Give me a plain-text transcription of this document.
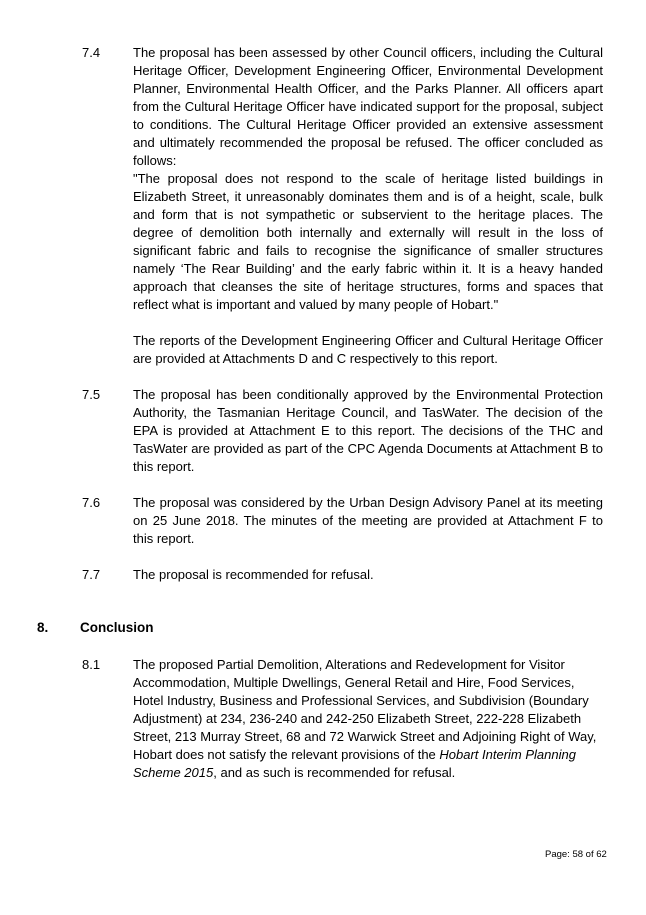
7.4	The proposal has been assessed by other Council officers, including the Cultural Heritage Officer, Development Engineering Officer, Environmental Development Planner, Environmental Health Officer, and the Parks Planner. All officers apart from the Cultural Heritage Officer have indicated support for the proposal, subject to conditions. The Cultural Heritage Officer provided an extensive assessment and ultimately recommended the proposal be refused. The officer concluded as follows:

"The proposal does not respond to the scale of heritage listed buildings in Elizabeth Street, it unreasonably dominates them and is of a height, scale, bulk and form that is not sympathetic or subservient to the heritage places. The degree of demolition both internally and externally will result in the loss of significant fabric and fails to recognise the significance of smaller structures namely ‘The Rear Building’ and the early fabric within it. It is a heavy handed approach that cleanses the site of heritage structures, forms and spaces that reflect what is important and valued by many people of Hobart."

The reports of the Development Engineering Officer and Cultural Heritage Officer are provided at Attachments D and C respectively to this report.

7.5	The proposal has been conditionally approved by the Environmental Protection Authority, the Tasmanian Heritage Council, and TasWater. The decision of the EPA is provided at Attachment E to this report. The decisions of the THC and TasWater are provided as part of the CPC Agenda Documents at Attachment B to this report.

7.6	The proposal was considered by the Urban Design Advisory Panel at its meeting on 25 June 2018. The minutes of the meeting are provided at Attachment F to this report.

7.7	The proposal is recommended for refusal.

8. Conclusion
8.1	The proposed Partial Demolition, Alterations and Redevelopment for Visitor Accommodation, Multiple Dwellings, General Retail and Hire, Food Services, Hotel Industry, Business and Professional Services, and Subdivision (Boundary Adjustment) at 234, 236-240 and 242-250 Elizabeth Street, 222-228 Elizabeth Street, 213 Murray Street, 68 and 72 Warwick Street and Adjoining Right of Way, Hobart does not satisfy the relevant provisions of the Hobart Interim Planning Scheme 2015, and as such is recommended for refusal.

Page: 58 of 62
